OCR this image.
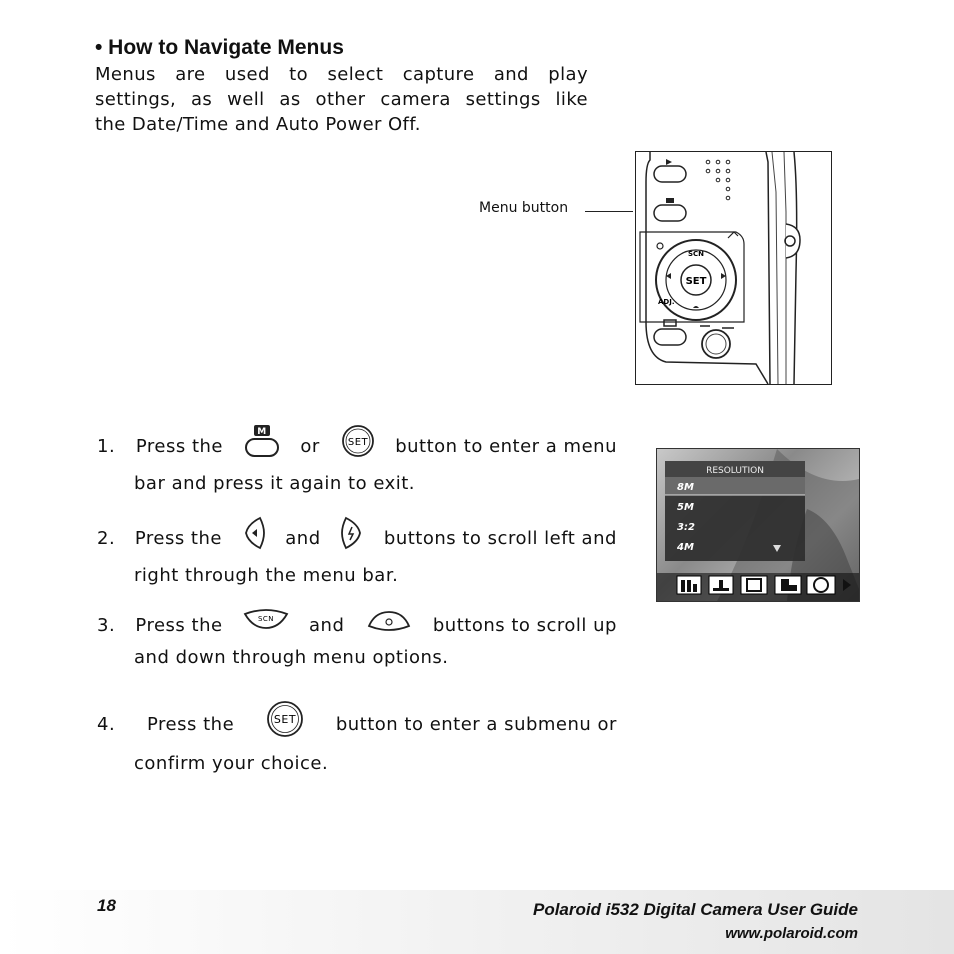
• How to Navigate Menus
Menus are used to select capture and play
settings, as well as other camera settings like
the Date/Time and Auto Power Off.
Menu button
SET
SCN
ADJ.
1. Press the
M
or	SET button to enter a menu
bar and press it again to exit.
2. Press the	and	buttons to scroll left and
right through the menu bar.
3. Press the	SCN and	buttons to scroll up
and down through menu options.
4. Press the	SET button to enter a submenu or
confirm your choice.
RESOLUTION
8M
5M
3:2
4M
18	Polaroid i532 Digital Camera User Guide
www.polaroid.com
